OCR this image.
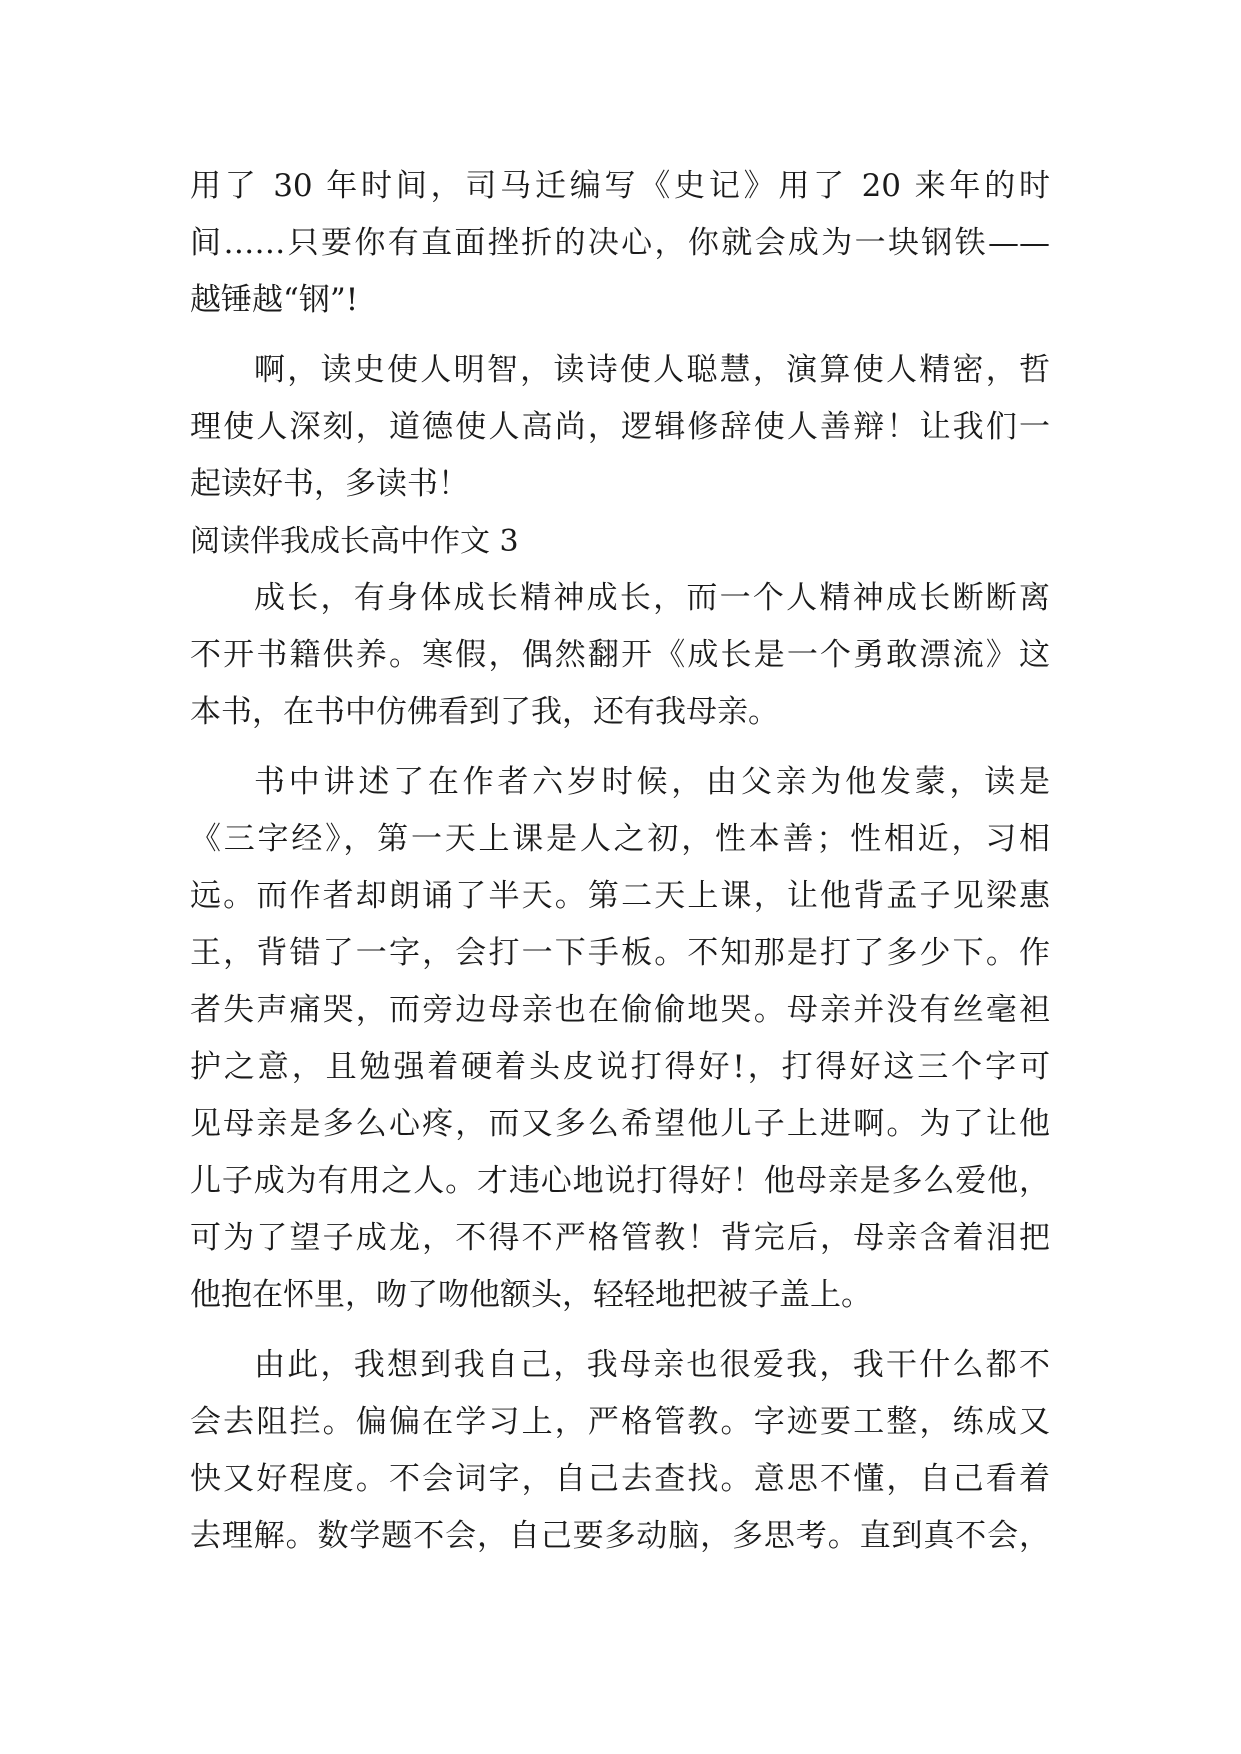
用了 30 年时间，司马迁编写《史记》用了 20 来年的时
间……只要你有直面挫折的决心，你就会成为一块钢铁——
越锤越“钢”!
啊，读史使人明智，读诗使人聪慧，演算使人精密，哲
理使人深刻，道德使人高尚，逻辑修辞使人善辩！让我们一
起读好书，多读书！
阅读伴我成长高中作文 3
成长，有身体成长精神成长，而一个人精神成长断断离
不开书籍供养。寒假，偶然翻开《成长是一个勇敢漂流》这
本书，在书中仿佛看到了我，还有我母亲。
书中讲述了在作者六岁时候，由父亲为他发蒙，读是
《三字经》，第一天上课是人之初，性本善；性相近，习相
远。而作者却朗诵了半天。第二天上课，让他背孟子见梁惠
王，背错了一字，会打一下手板。不知那是打了多少下。作
者失声痛哭，而旁边母亲也在偷偷地哭。母亲并没有丝毫袒
护之意，且勉强着硬着头皮说打得好!，打得好这三个字可
见母亲是多么心疼，而又多么希望他儿子上进啊。为了让他
儿子成为有用之人。才违心地说打得好！他母亲是多么爱他，
可为了望子成龙，不得不严格管教！背完后，母亲含着泪把
他抱在怀里，吻了吻他额头，轻轻地把被子盖上。
由此，我想到我自己，我母亲也很爱我，我干什么都不
会去阻拦。偏偏在学习上，严格管教。字迹要工整，练成又
快又好程度。不会词字，自己去查找。意思不懂，自己看着
去理解。数学题不会，自己要多动脑，多思考。直到真不会，
